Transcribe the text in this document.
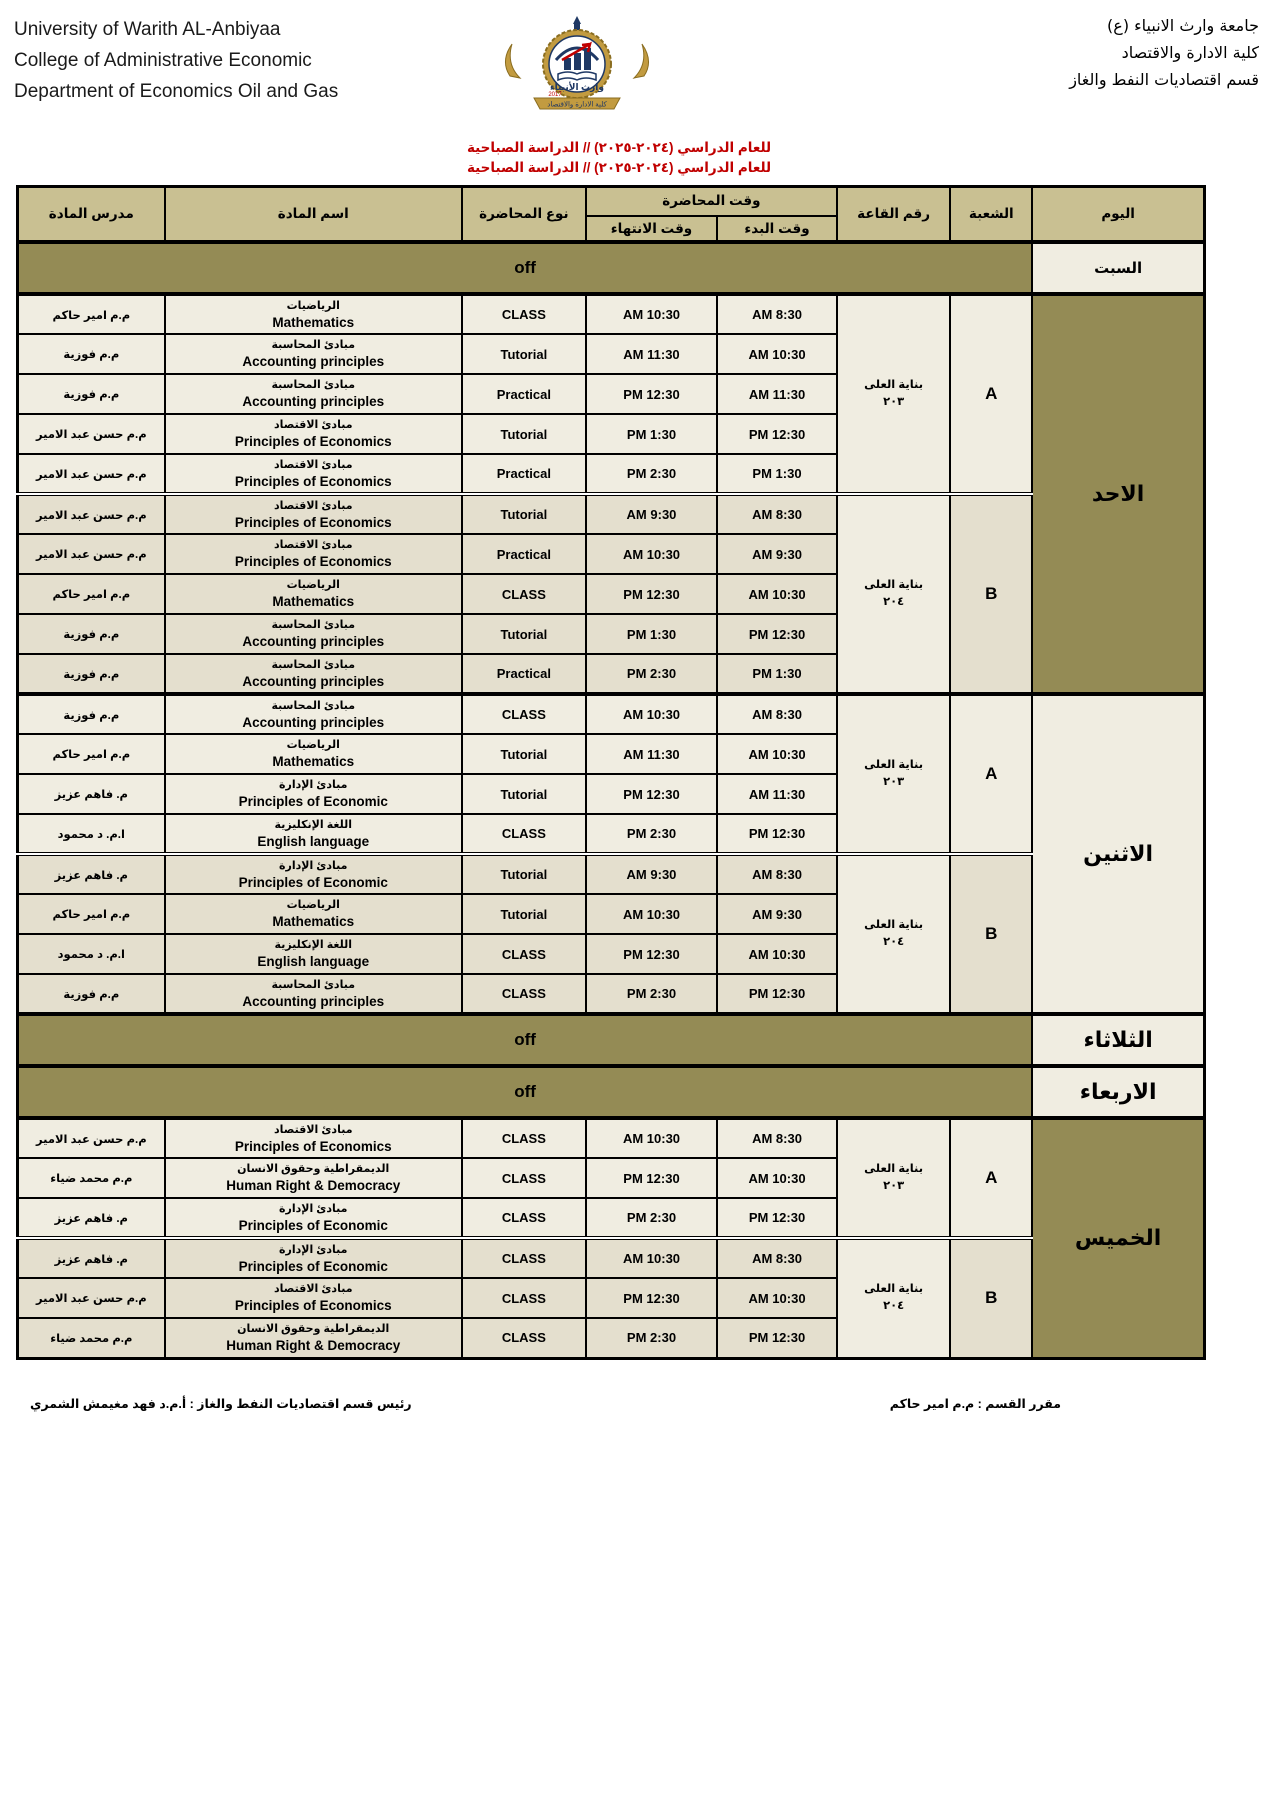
University of Warith AL-Anbiyaa
College of Administrative Economic
Department of Economics Oil and Gas	وارث الأنبياء
2017
كلية الادارة والاقتصاد
جامعة وارث الانبياء (ع)
كلية الادارة والاقتصاد
قسم اقتصاديات النفط والغاز
للعام الدراسي (٢٠٢٤-٢٠٢٥) // الدراسة الصباحية
للعام الدراسي (٢٠٢٤-٢٠٢٥) // الدراسة الصباحية
اليوم	الشعبة	رقم القاعة	وقت المحاضرة		نوع المحاضرة	اسم المادة	مدرس المادة
			وقت البدء	وقت الانتهاء			
السبت	off						
الاحد	A	
بناية العلى
٢٠٣
	8:30 AM	10:30 AM	CLASS	
الرياضيات
Mathematics
	م.م امير حاكم
			10:30 AM	11:30 AM	Tutorial	مبادئ المحاسبة
Accounting principles	م.م فوزية
			11:30 AM	12:30 PM	Practical	مبادئ المحاسبة
Accounting principles	م.م فوزية
			12:30 PM	1:30 PM	Tutorial	مبادئ الاقتصاد
Principles of Economics	م.م حسن عبد الامير
			1:30 PM	2:30 PM	Practical	مبادئ الاقتصاد
Principles of Economics	م.م حسن عبد الامير
B	
بناية العلى
٢٠٤
	8:30 AM	9:30 AM	Tutorial	
مبادئ الاقتصاد
Principles of Economics
	م.م حسن عبد الامير
			9:30 AM	10:30 AM	Practical	مبادئ الاقتصاد
Principles of Economics	م.م حسن عبد الامير
			10:30 AM	12:30 PM	CLASS	الرياضيات
Mathematics	م.م امير حاكم
			12:30 PM	1:30 PM	Tutorial	مبادئ المحاسبة
Accounting principles	م.م فوزية
			1:30 PM	2:30 PM	Practical	مبادئ المحاسبة
Accounting principles	م.م فوزية
الاثنين	A	
بناية العلى
٢٠٣
	8:30 AM	10:30 AM	CLASS	
مبادئ المحاسبة
Accounting principles
	م.م فوزية
			10:30 AM	11:30 AM	Tutorial	الرياضيات
Mathematics	م.م امير حاكم
			11:30 AM	12:30 PM	Tutorial	مبادئ الإدارة
Principles of Economic	م. فاهم عزيز
			12:30 PM	2:30 PM	CLASS	اللغة الإنكليزية
English language	ا.م. د محمود
B	
بناية العلى
٢٠٤
	8:30 AM	9:30 AM	Tutorial	
مبادئ الإدارة
Principles of Economic
	م. فاهم عزيز
			9:30 AM	10:30 AM	Tutorial	الرياضيات
Mathematics	م.م امير حاكم
			10:30 AM	12:30 PM	CLASS	اللغة الإنكليزية
English language	ا.م. د محمود
			12:30 PM	2:30 PM	CLASS	مبادئ المحاسبة
Accounting principles	م.م فوزية
الثلاثاء	off						
الاربعاء	off						
الخميس	A	
بناية العلى
٢٠٣
	8:30 AM	10:30 AM	CLASS	
مبادئ الاقتصاد
Principles of Economics
	م.م حسن عبد الامير
			10:30 AM	12:30 PM	CLASS	الديمقراطية وحقوق الانسان
Human Right & Democracy	م.م محمد ضياء
			12:30 PM	2:30 PM	CLASS	مبادئ الإدارة
Principles of Economic	م. فاهم عزيز
B	
بناية العلى
٢٠٤
	8:30 AM	10:30 AM	CLASS	
مبادئ الإدارة
Principles of Economic
	م. فاهم عزيز
			10:30 AM	12:30 PM	CLASS	مبادئ الاقتصاد
Principles of Economics	م.م حسن عبد الامير
			12:30 PM	2:30 PM	CLASS	الديمقراطية وحقوق الانسان
Human Right & Democracy	م.م محمد ضياء
مقرر القسم : م.م امير حاكم
رئيس قسم اقتصاديات النفط والغاز : أ.م.د فهد مغيمش الشمري
